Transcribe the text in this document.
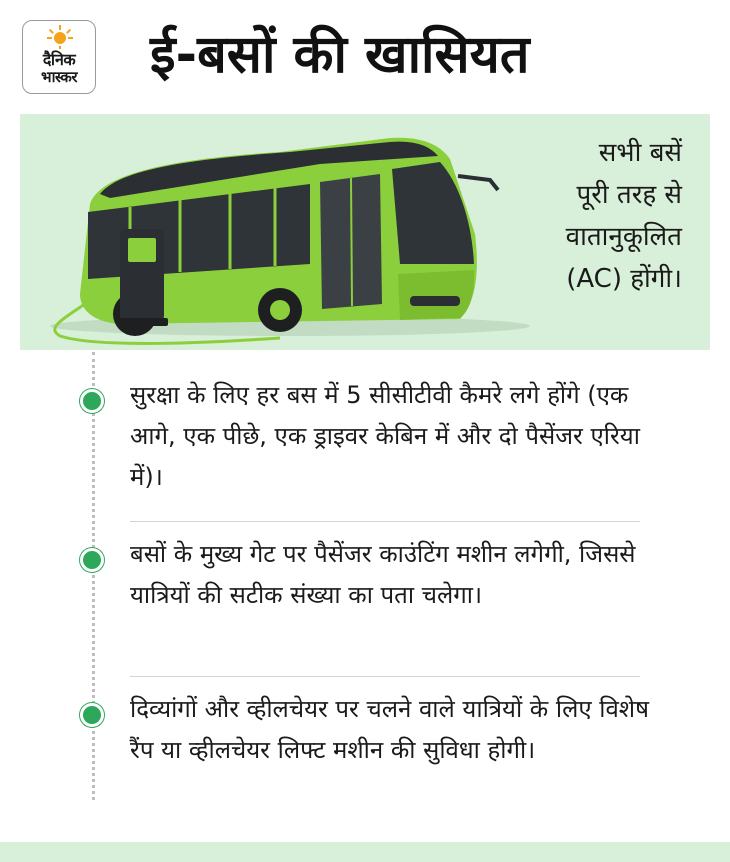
दैनिक
भास्कर	ई-बसों की खासियत
सभी बसें
पूरी तरह से
वातानुकूलित
(AC) होंगी।
सुरक्षा के लिए हर बस में 5 सीसीटीवी कैमरे लगे होंगे (एक आगे, एक पीछे, एक ड्राइवर केबिन में और दो पैसेंजर एरिया में)।
बसों के मुख्य गेट पर पैसेंजर काउंटिंग मशीन लगेगी, जिससे यात्रियों की सटीक संख्या का पता चलेगा।
दिव्यांगों और व्हीलचेयर पर चलने वाले यात्रियों के लिए विशेष रैंप या व्हीलचेयर लिफ्ट मशीन की सुविधा होगी।
